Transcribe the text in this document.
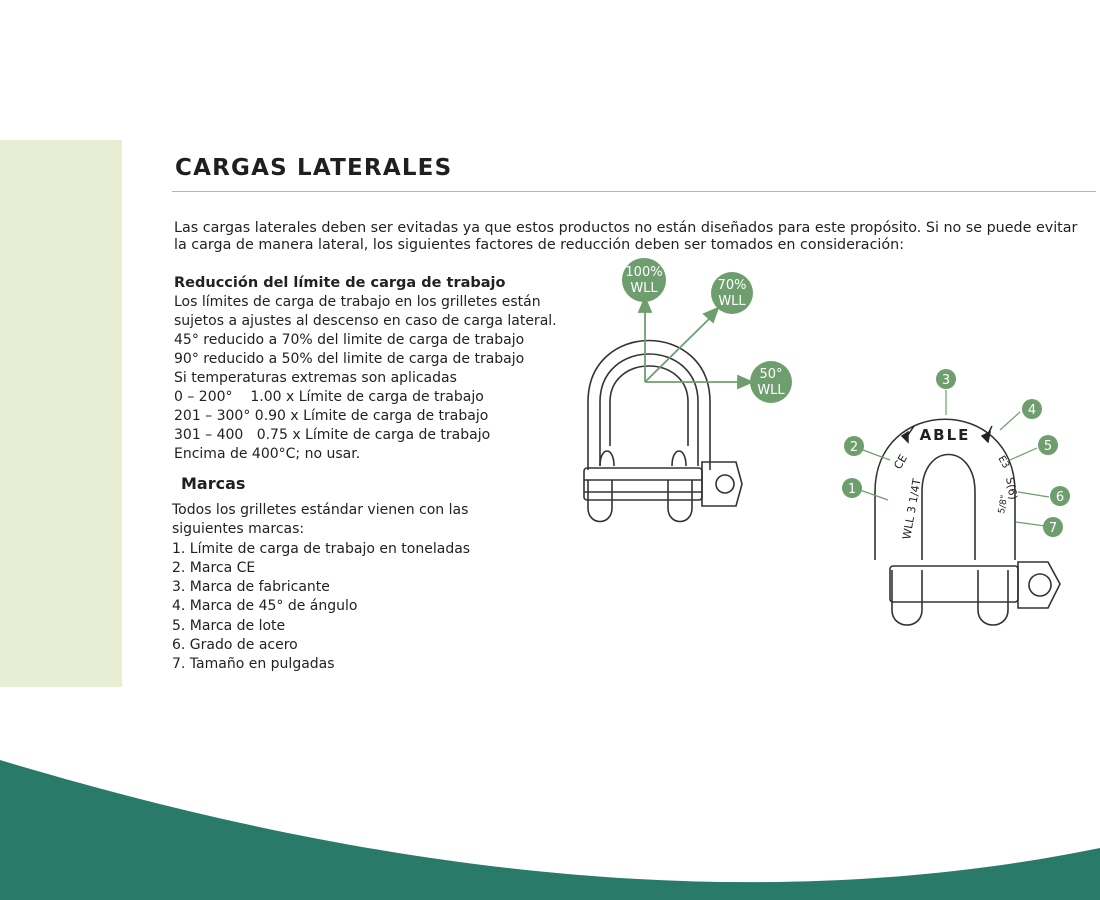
CARGAS LATERALES

Las cargas laterales deben ser evitadas ya que estos productos no están diseñados para este propósito. Si no se puede evitar la carga de manera lateral, los siguientes factores de reducción deben ser tomados en consideración:

Reducción del límite de carga de trabajo
Los límites de carga de trabajo en los grilletes están
sujetos a ajustes al descenso en caso de carga lateral.
45° reducido a 70% del limite de carga de trabajo
90° reducido a 50% del limite de carga de trabajo
Si temperaturas extremas son aplicadas
0 – 200°    1.00 x Límite de carga de trabajo
201 – 300° 0.90 x Límite de carga de trabajo
301 – 400   0.75 x Límite de carga de trabajo
Encima de 400°C; no usar.
Marcas
Todos los grilletes estándar vienen con las
siguientes marcas:
1. Límite de carga de trabajo en toneladas
2. Marca CE
3. Marca de fabricante
4. Marca de 45° de ángulo
5. Marca de lote
6. Grado de acero
7. Tamaño en pulgadas
100%
WLL	70%
WLL
50°
WLL
ABLE
WLL 3 1/4T
CE	E3
S(6)
5/8"
1
2
3
4
5
6
7
